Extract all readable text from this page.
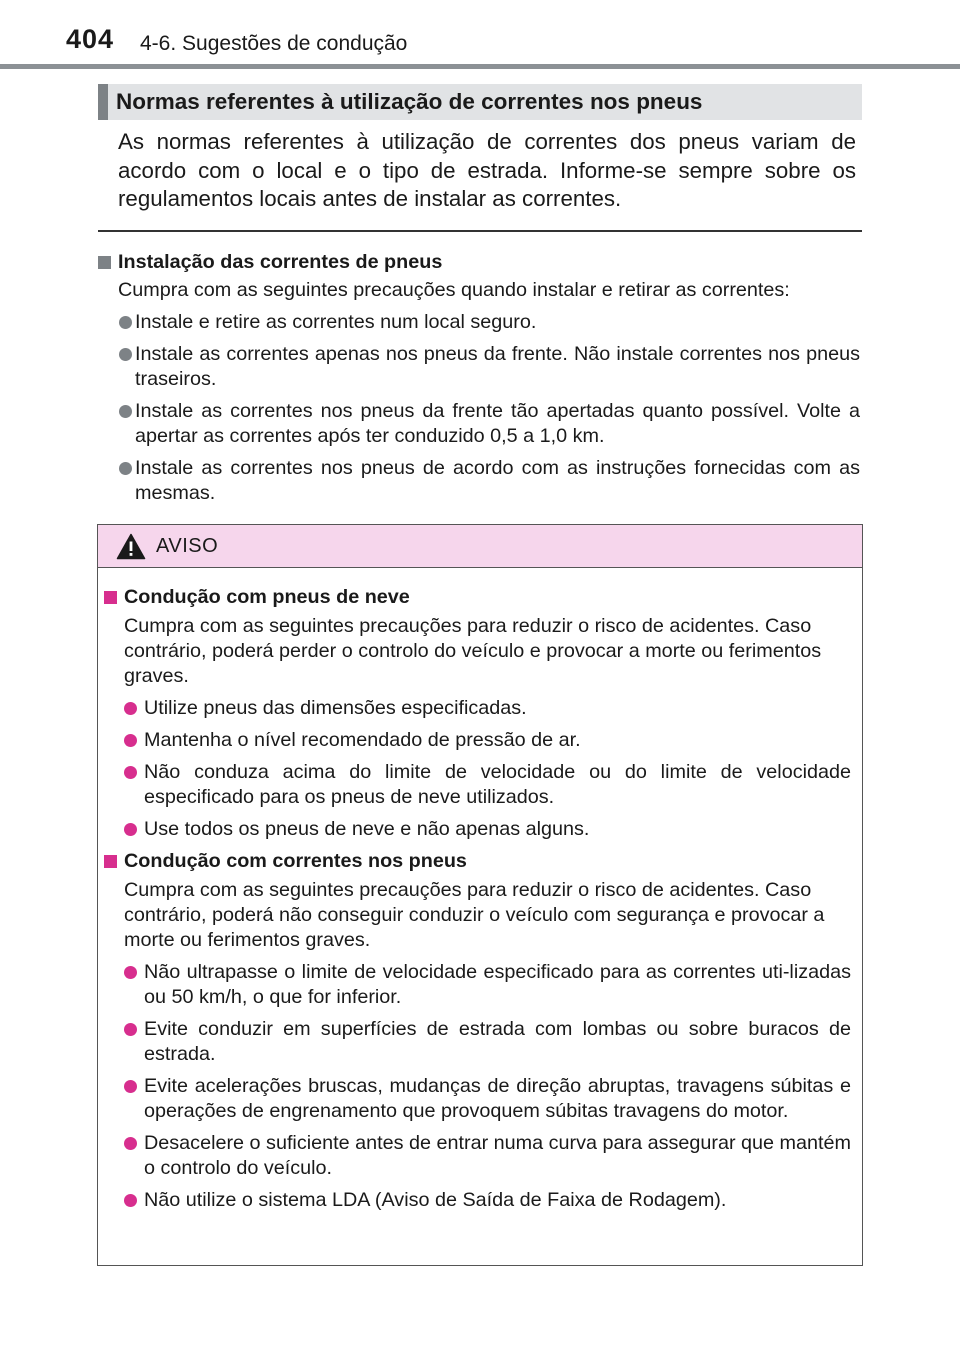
404 4-6. Sugestões de condução
Normas referentes à utilização de correntes nos pneus

As normas referentes à utilização de correntes dos pneus variam de acordo com o local e o tipo de estrada. Informe-se sempre sobre os regulamentos locais antes de instalar as correntes.

Instalação das correntes de pneus
Cumpra com as seguintes precauções quando instalar e retirar as correntes:
Instale e retire as correntes num local seguro.
Instale as correntes apenas nos pneus da frente. Não instale correntes nos pneus traseiros.
Instale as correntes nos pneus da frente tão apertadas quanto possível. Volte a apertar as correntes após ter conduzido 0,5 a 1,0 km.
Instale as correntes nos pneus de acordo com as instruções fornecidas com as mesmas.
AVISO
Condução com pneus de neve
Cumpra com as seguintes precauções para reduzir o risco de acidentes. Caso contrário, poderá perder o controlo do veículo e provocar a morte ou ferimentos graves.
Utilize pneus das dimensões especificadas.
Mantenha o nível recomendado de pressão de ar.
Não conduza acima do limite de velocidade ou do limite de velocidade especificado para os pneus de neve utilizados.
Use todos os pneus de neve e não apenas alguns.
Condução com correntes nos pneus
Cumpra com as seguintes precauções para reduzir o risco de acidentes. Caso contrário, poderá não conseguir conduzir o veículo com segurança e provocar a morte ou ferimentos graves.
Não ultrapasse o limite de velocidade especificado para as correntes uti-lizadas ou 50 km/h, o que for inferior.
Evite conduzir em superfícies de estrada com lombas ou sobre buracos de estrada.
Evite acelerações bruscas, mudanças de direção abruptas, travagens súbitas e operações de engrenamento que provoquem súbitas travagens do motor.
Desacelere o suficiente antes de entrar numa curva para assegurar que mantém o controlo do veículo.
Não utilize o sistema LDA (Aviso de Saída de Faixa de Rodagem).
